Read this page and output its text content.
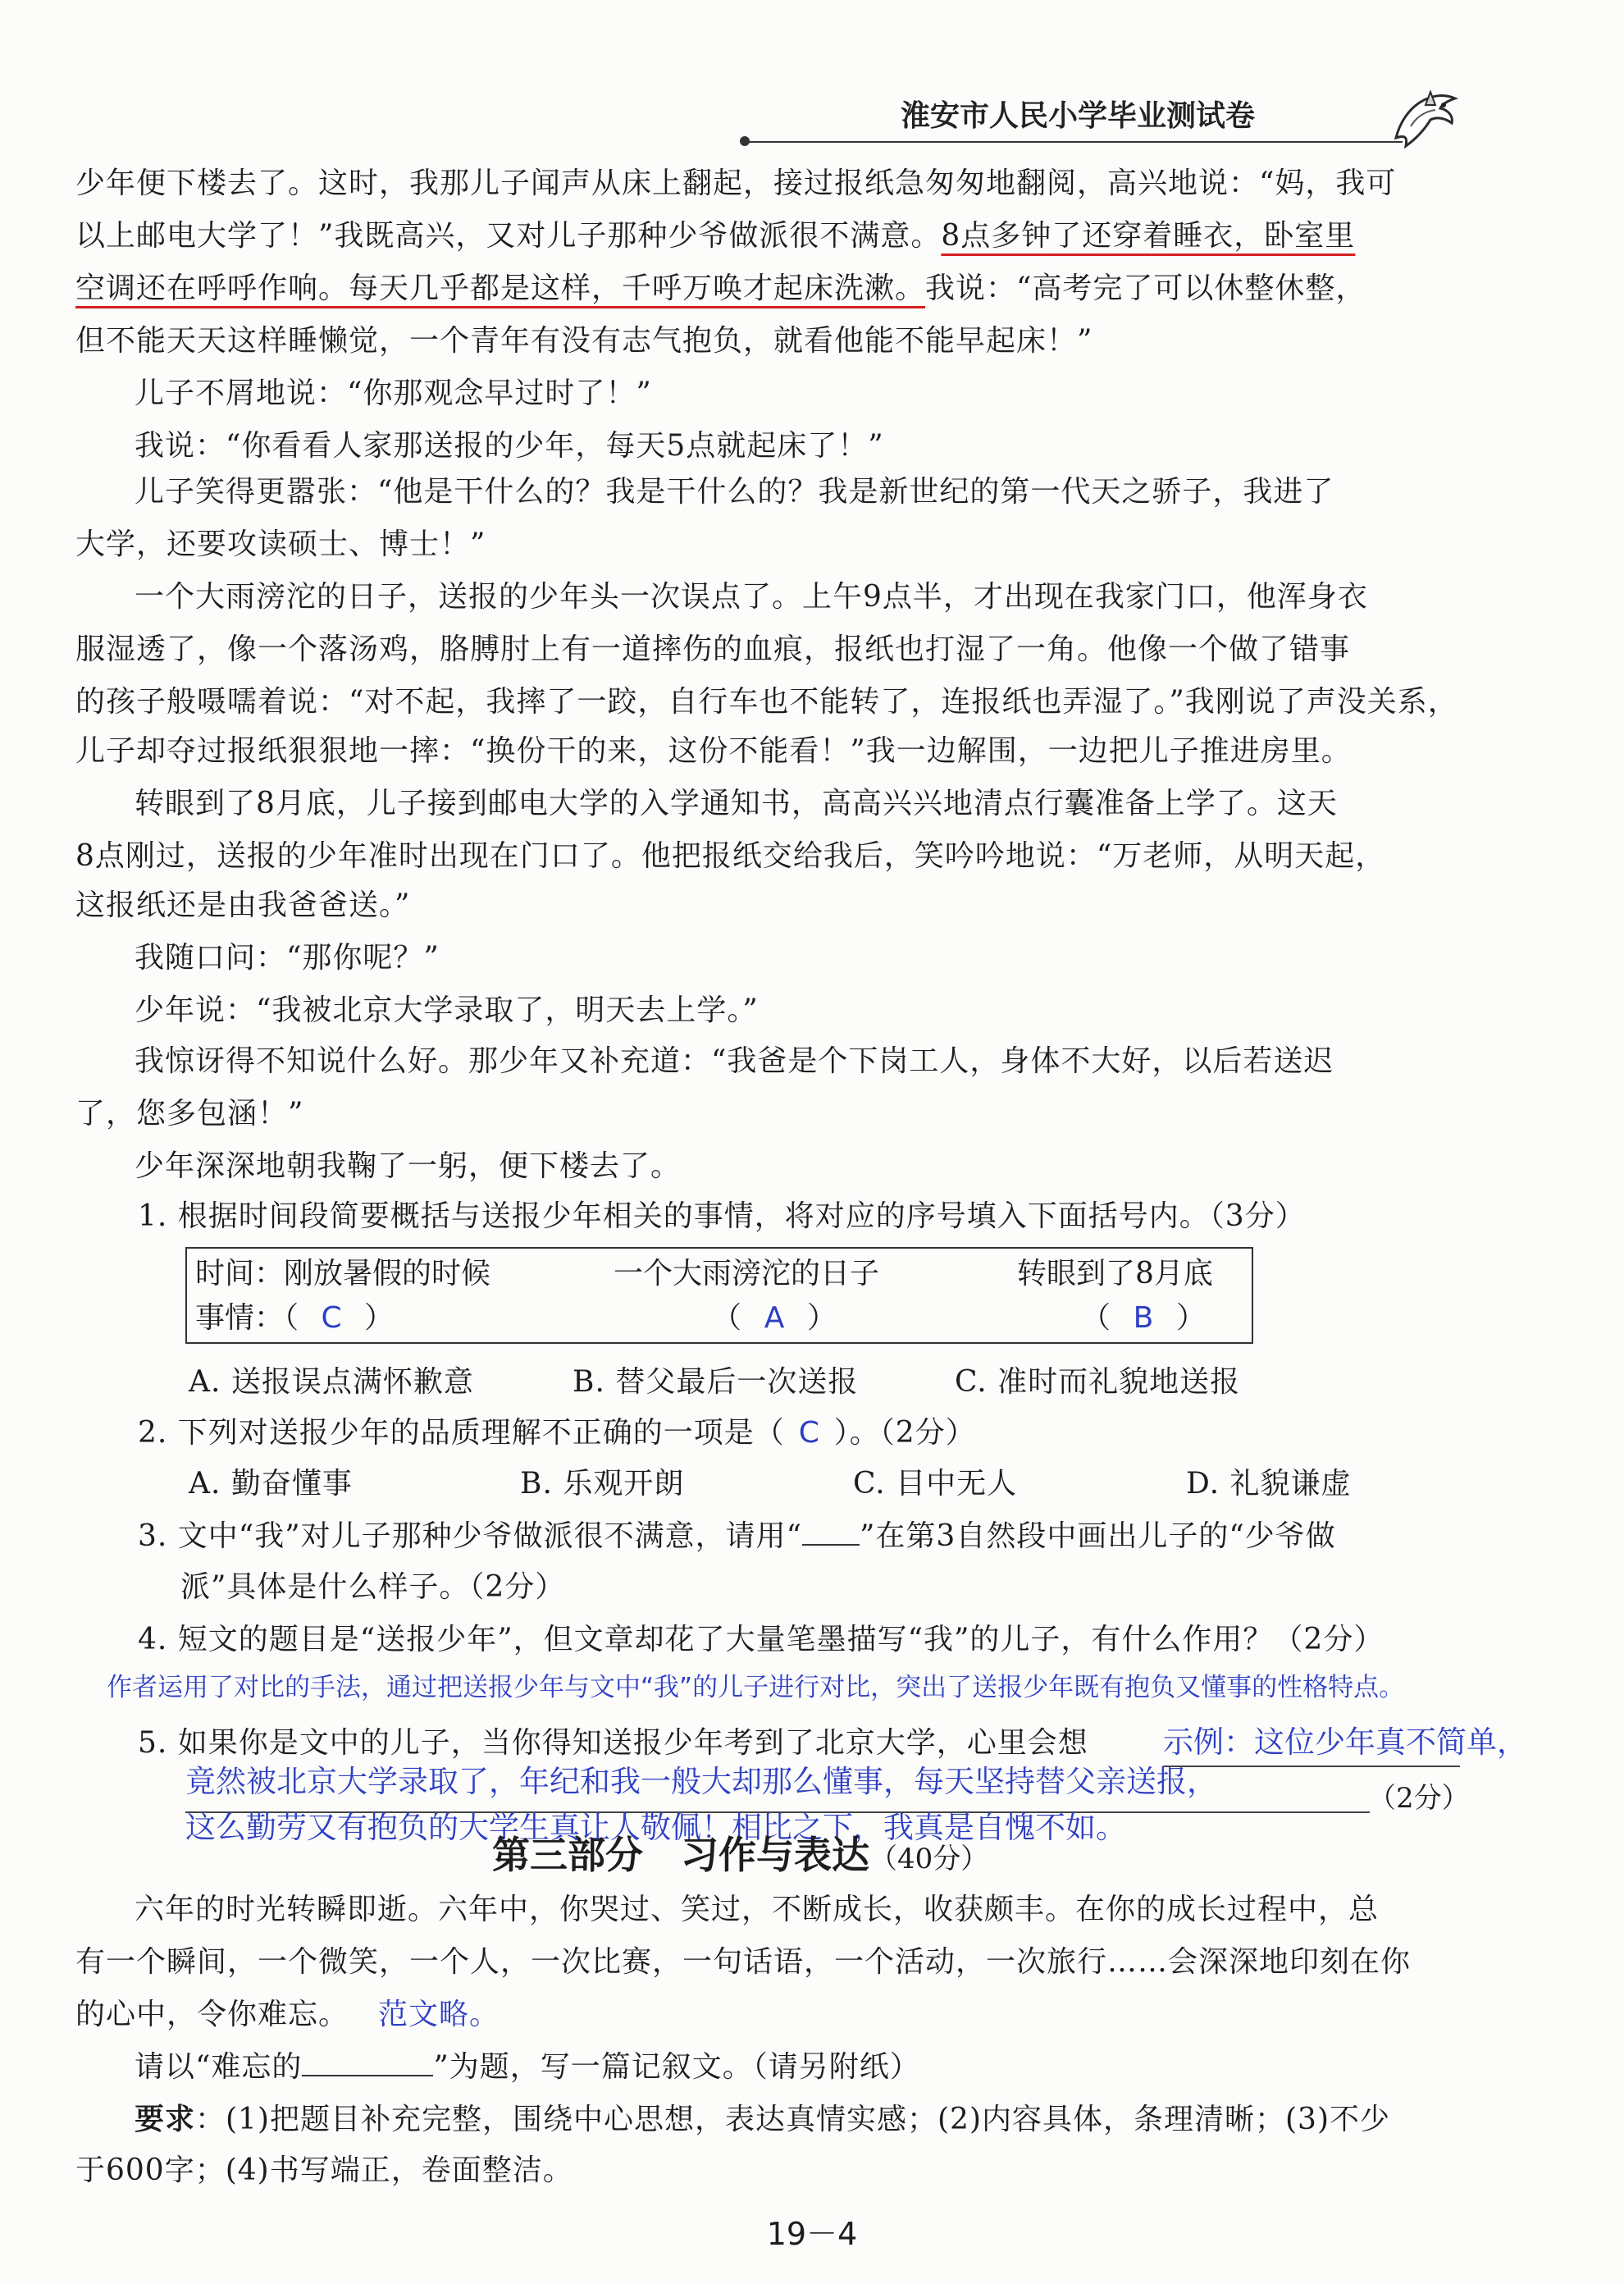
淮安市人民小学毕业测试卷
少年便下楼去了。这时，我那儿子闻声从床上翻起，接过报纸急匆匆地翻阅，高兴地说：“妈，我可
以上邮电大学了！”我既高兴，又对儿子那种少爷做派很不满意。8点多钟了还穿着睡衣，卧室里
空调还在呼呼作响。每天几乎都是这样，千呼万唤才起床洗漱。我说：“高考完了可以休整休整，
但不能天天这样睡懒觉，一个青年有没有志气抱负，就看他能不能早起床！”
儿子不屑地说：“你那观念早过时了！”
我说：“你看看人家那送报的少年，每天5点就起床了！”
儿子笑得更嚣张：“他是干什么的？我是干什么的？我是新世纪的第一代天之骄子，我进了
大学，还要攻读硕士、博士！”
一个大雨滂沱的日子，送报的少年头一次误点了。上午9点半，才出现在我家门口，他浑身衣
服湿透了，像一个落汤鸡，胳膊肘上有一道摔伤的血痕，报纸也打湿了一角。他像一个做了错事
的孩子般嗫嚅着说：“对不起，我摔了一跤，自行车也不能转了，连报纸也弄湿了。”我刚说了声没关系，
儿子却夺过报纸狠狠地一摔：“换份干的来，这份不能看！”我一边解围，一边把儿子推进房里。
转眼到了8月底，儿子接到邮电大学的入学通知书，高高兴兴地清点行囊准备上学了。这天
8点刚过，送报的少年准时出现在门口了。他把报纸交给我后，笑吟吟地说：“万老师，从明天起，
这报纸还是由我爸爸送。”
我随口问：“那你呢？”
少年说：“我被北京大学录取了，明天去上学。”
我惊讶得不知说什么好。那少年又补充道：“我爸是个下岗工人，身体不大好，以后若送迟
了，您多包涵！”
少年深深地朝我鞠了一躬，便下楼去了。
1. 根据时间段简要概括与送报少年相关的事情，将对应的序号填入下面括号内。（3分）
时间：刚放暑假的时候	一个大雨滂沱的日子	转眼到了8月底
事情：（ C ）	（ A ）	（ B ）
A. 送报误点满怀歉意	B. 替父最后一次送报	C. 准时而礼貌地送报
2. 下列对送报少年的品质理解不正确的一项是（ C ）。（2分）
A. 勤奋懂事	B. 乐观开朗	C. 目中无人	D. 礼貌谦虚
3. 文中“我”对儿子那种少爷做派很不满意，请用“ ”在第3自然段中画出儿子的“少爷做
派”具体是什么样子。（2分）
4. 短文的题目是“送报少年”，但文章却花了大量笔墨描写“我”的儿子，有什么作用？（2分）
作者运用了对比的手法，通过把送报少年与文中“我”的儿子进行对比，突出了送报少年既有抱负又懂事的性格特点。
5. 如果你是文中的儿子，当你得知送报少年考到了北京大学，心里会想 示例：这位少年真不简单，
竟然被北京大学录取了，年纪和我一般大却那么懂事，每天坚持替父亲送报，	（2分）
这么勤劳又有抱负的大学生真让人敬佩！相比之下，我真是自愧不如。
第三部分　习作与表达（40分）
六年的时光转瞬即逝。六年中，你哭过、笑过，不断成长，收获颇丰。在你的成长过程中，总
有一个瞬间，一个微笑，一个人，一次比赛，一句话语，一个活动，一次旅行……会深深地印刻在你
的心中，令你难忘。 范文略。
请以“难忘的	”为题，写一篇记叙文。（请另附纸）
要求：(1)把题目补充完整，围绕中心思想，表达真情实感；(2)内容具体，条理清晰；(3)不少
于600字；(4)书写端正，卷面整洁。
19－4
